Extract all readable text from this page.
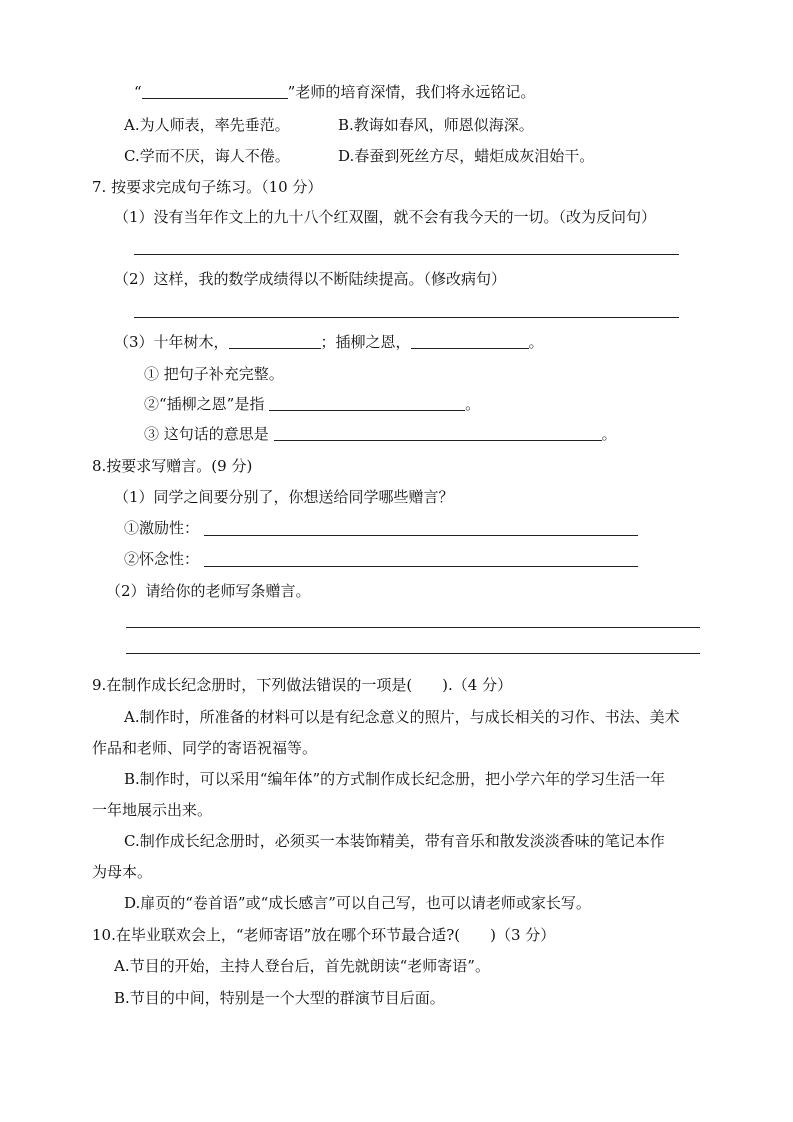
“	”老师的培育深情，我们将永远铭记。
A.为人师表，率先垂范。	B.教诲如春风，师恩似海深。
C.学而不厌，诲人不倦。	D.春蚕到死丝方尽，蜡炬成灰泪始干。
7. 按要求完成句子练习。（10 分）
（1）没有当年作文上的九十八个红双圈，就不会有我今天的一切。（改为反问句）
（2）这样，我的数学成绩得以不断陆续提高。（修改病句）
（3）十年树木，	；插柳之恩，	。
① 把句子补充完整。
②“插柳之恩”是指	。
③ 这句话的意思是	。
8.按要求写赠言。(9 分)
（1）同学之间要分别了，你想送给同学哪些赠言？
①激励性：
②怀念性：
（2）请给你的老师写条赠言。
9.在制作成长纪念册时，下列做法错误的一项是(　　).（4 分）
A.制作时，所准备的材料可以是有纪念意义的照片，与成长相关的习作、书法、美术
作品和老师、同学的寄语祝福等。
B.制作时，可以采用“编年体”的方式制作成长纪念册，把小学六年的学习生活一年
一年地展示出来。
C.制作成长纪念册时，必须买一本装饰精美，带有音乐和散发淡淡香味的笔记本作
为母本。
D.扉页的“卷首语”或“成长感言”可以自己写，也可以请老师或家长写。
10.在毕业联欢会上，“老师寄语”放在哪个环节最合适?(　　)（3 分）
A.节目的开始，主持人登台后，首先就朗读“老师寄语”。
B.节目的中间，特别是一个大型的群演节目后面。
